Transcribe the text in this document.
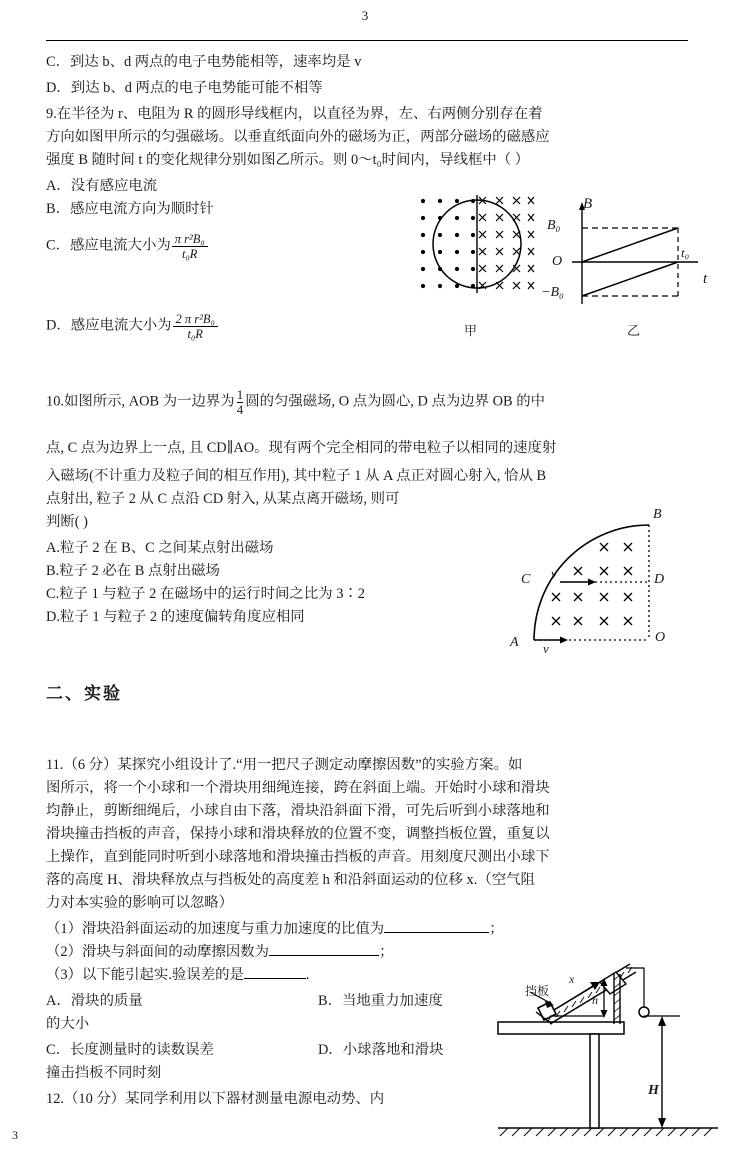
3
C．到达 b、d 两点的电子电势能相等，速率均是 v
D．到达 b、d 两点的电子电势能可能不相等
9.在半径为 r、电阻为 R 的圆形导线框内，以直径为界，左、右两侧分别存在着
方向如图甲所示的匀强磁场。以垂直纸面向外的磁场为正，两部分磁场的磁感应
强度 B 随时间 t 的变化规律分别如图乙所示。则 0～t₀时间内，导线框中（ ）
A．没有感应电流
B．感应电流方向为顺时针
C．感应电流大小为 $\frac{\text{π r²B₀}}{\text{t₀R}}$
D．感应电流大小为 $\frac{\text{2 π r²B₀}}{\text{t₀R}}$	甲
B
t
O
B₀
−B₀
t₀
乙
10.如图所示, AOB 为一边界为 $\frac{1}{4}$ 圆的匀强磁场, O 点为圆心, D 点为边界 OB 的中
点, C 点为边界上一点, 且 CD∥AO。现有两个完全相同的带电粒子以相同的速度射
入磁场(不计重力及粒子间的相互作用), 其中粒子 1 从 A 点正对圆心射入, 恰从 B
点射出, 粒子 2 从 C 点沿 CD 射入, 从某点离开磁场, 则可
判断( )
A.粒子 2 在 B、C 之间某点射出磁场
B.粒子 2 必在 B 点射出磁场
C.粒子 1 与粒子 2 在磁场中的运行时间之比为 3∶2
D.粒子 1 与粒子 2 的速度偏转角度应相同
B
O
A
C	D
v
v
二、实验
11.（6 分）某探究小组设计了.“用一把尺子测定动摩擦因数”的实验方案。如
图所示，将一个小球和一个滑块用细绳连接，跨在斜面上端。开始时小球和滑块
均静止，剪断细绳后，小球自由下落，滑块沿斜面下滑，可先后听到小球落地和
滑块撞击挡板的声音，保持小球和滑块释放的位置不变，调整挡板位置，重复以
上操作，直到能同时听到小球落地和滑块撞击挡板的声音。用刻度尺测出小球下
落的高度 H、滑块释放点与挡板处的高度差 h 和沿斜面运动的位移 x.（空气阻
力对本实验的影响可以忽略）
（1）滑块沿斜面运动的加速度与重力加速度的比值为	；
（2）滑块与斜面间的动摩擦因数为	；
（3）以下能引起实.验误差的是	.
A．滑块的质量	B．当地重力加速度
的大小
C．长度测量时的读数误差	D．小球落地和滑块
撞击挡板不同时刻
12.（10 分）某同学利用以下器材测量电源电动势、内
挡板
x
h
H
3
